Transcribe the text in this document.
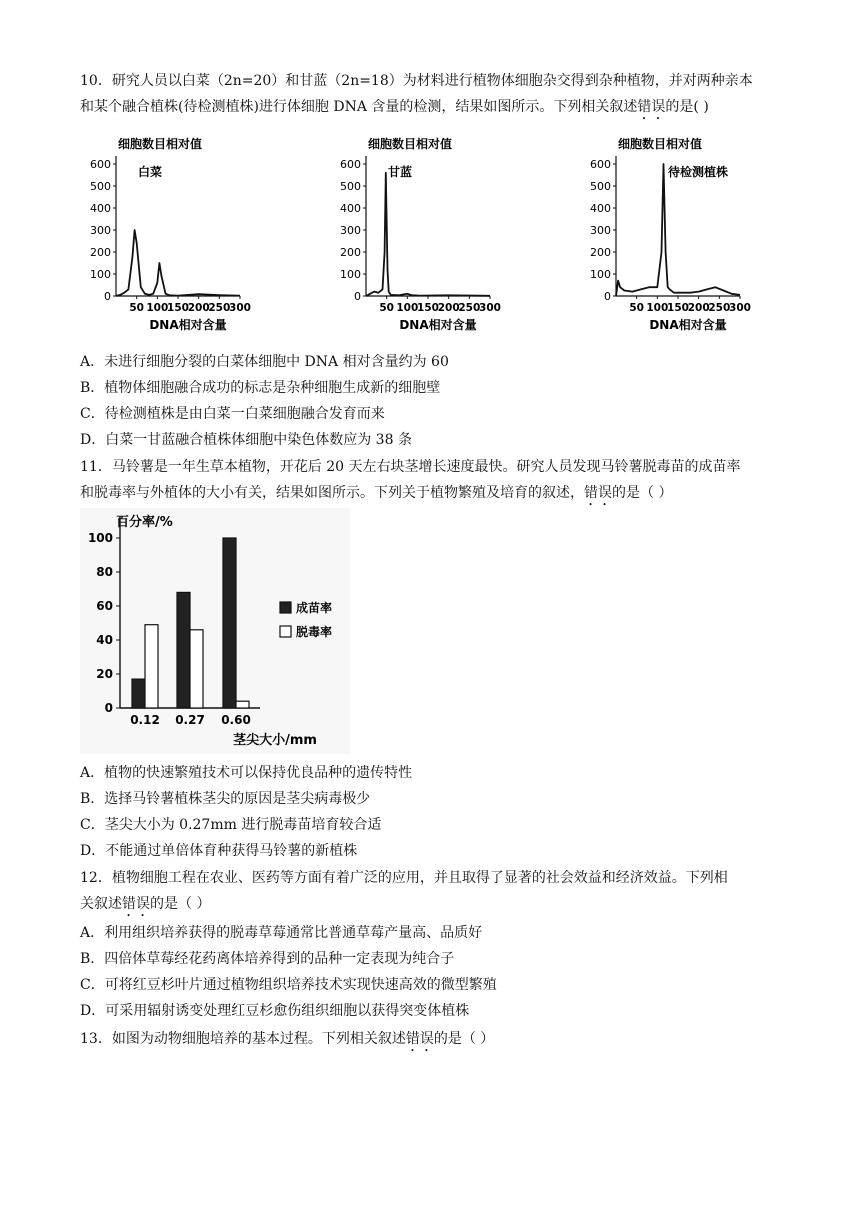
10．研究人员以白菜（2n=20）和甘蓝（2n=18）为材料进行植物体细胞杂交得到杂种植物，并对两种亲本
和某个融合植株(待检测植株)进行体细胞 DNA 含量的检测，结果如图所示。下列相关叙述错误的是( )
细胞数目相对值
白菜
600
500
400
300
200
100
0
50 100
150
200
250
300
DNA相对含量
细胞数目相对值
甘蓝
600
500
400
300
200
100
0
50 100
150
200
250
300
DNA相对含量
细胞数目相对值
待检测植株
600
500
400
300
200
100
0
50 100
150
200
250
300
DNA相对含量
A．未进行细胞分裂的白菜体细胞中 DNA 相对含量约为 60
B．植物体细胞融合成功的标志是杂种细胞生成新的细胞壁
C．待检测植株是由白菜一白菜细胞融合发育而来
D．白菜一甘蓝融合植株体细胞中染色体数应为 38 条
11．马铃薯是一年生草本植物，开花后 20 天左右块茎增长速度最快。研究人员发现马铃薯脱毒苗的成苗率
和脱毒率与外植体的大小有关，结果如图所示。下列关于植物繁殖及培育的叙述，错误的是（ ）
百分率/%
100
80
60
40
20
0
0.12 0.27 0.60
茎尖大小/mm
成苗率
脱毒率
A．植物的快速繁殖技术可以保持优良品种的遗传特性
B．选择马铃薯植株茎尖的原因是茎尖病毒极少
C．茎尖大小为 0.27mm 进行脱毒苗培育较合适
D．不能通过单倍体育种获得马铃薯的新植株
12．植物细胞工程在农业、医药等方面有着广泛的应用，并且取得了显著的社会效益和经济效益。下列相
关叙述错误的是（ ）
A．利用组织培养获得的脱毒草莓通常比普通草莓产量高、品质好
B．四倍体草莓经花药离体培养得到的品种一定表现为纯合子
C．可将红豆杉叶片通过植物组织培养技术实现快速高效的微型繁殖
D．可采用辐射诱变处理红豆杉愈伤组织细胞以获得突变体植株
13．如图为动物细胞培养的基本过程。下列相关叙述错误的是（ ）
